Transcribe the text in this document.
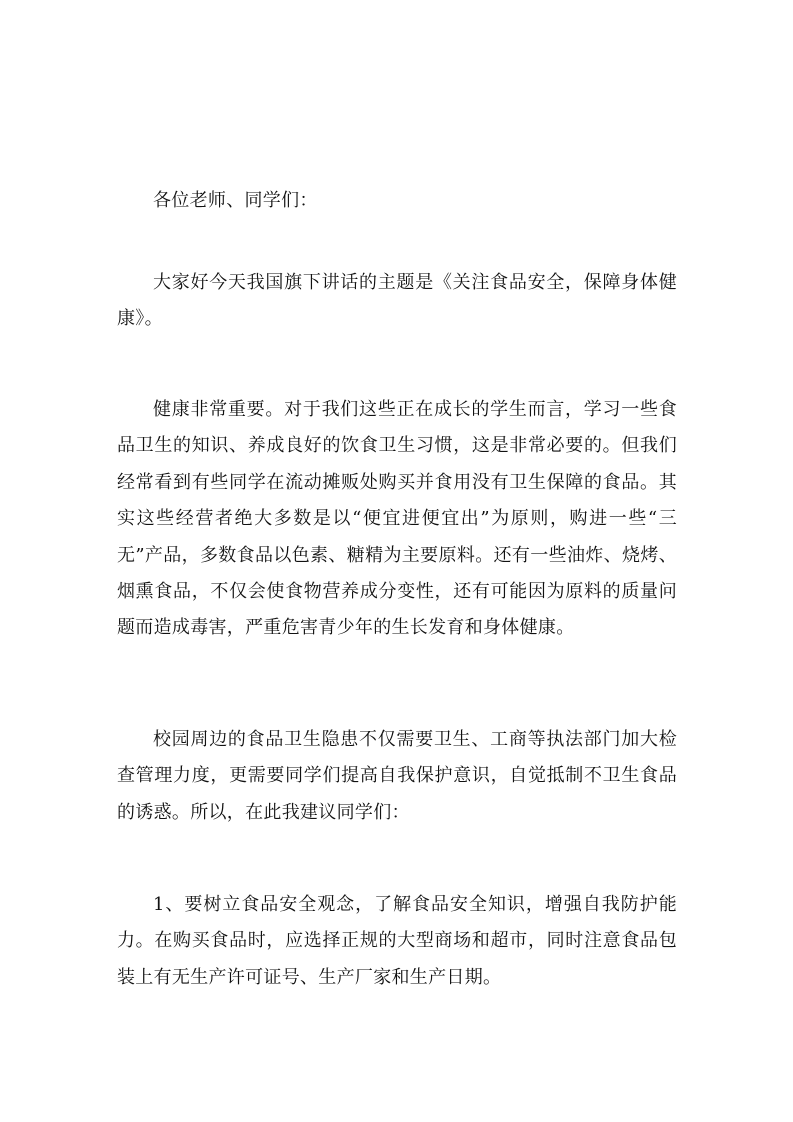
各位老师、同学们：

大家好今天我国旗下讲话的主题是《关注食品安全，保障身体健康》。

健康非常重要。对于我们这些正在成长的学生而言，学习一些食品卫生的知识、养成良好的饮食卫生习惯，这是非常必要的。但我们经常看到有些同学在流动摊贩处购买并食用没有卫生保障的食品。其实这些经营者绝大多数是以“便宜进便宜出”为原则，购进一些“三无”产品，多数食品以色素、糖精为主要原料。还有一些油炸、烧烤、烟熏食品，不仅会使食物营养成分变性，还有可能因为原料的质量问题而造成毒害，严重危害青少年的生长发育和身体健康。

校园周边的食品卫生隐患不仅需要卫生、工商等执法部门加大检查管理力度，更需要同学们提高自我保护意识，自觉抵制不卫生食品的诱惑。所以，在此我建议同学们：

1、要树立食品安全观念，了解食品安全知识，增强自我防护能力。在购买食品时，应选择正规的大型商场和超市，同时注意食品包装上有无生产许可证号、生产厂家和生产日期。
